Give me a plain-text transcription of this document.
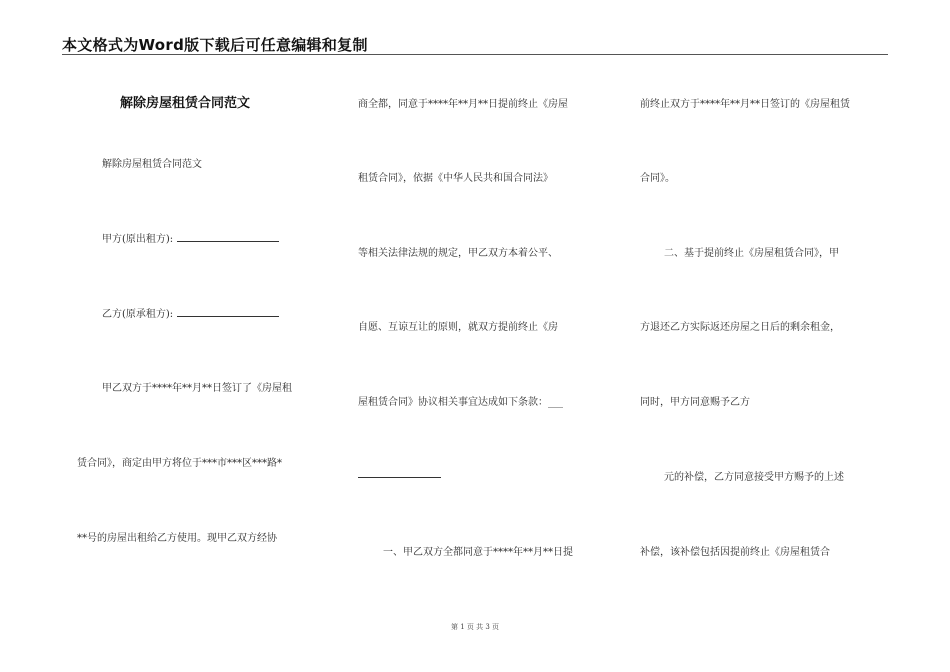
本文格式为Word版下载后可任意编辑和复制
解除房屋租赁合同范文
解除房屋租赁合同范文
甲方(原出租方):
乙方(原承租方):
甲乙双方于****年**月**日签订了《房屋租
赁合同》，商定由甲方将位于***市***区***路*
**号的房屋出租给乙方使用。现甲乙双方经协
商全都，同意于****年**月**日提前终止《房屋
租赁合同》，依据《中华人民共和国合同法》
等相关法律法规的规定，甲乙双方本着公平、
自愿、互谅互让的原则，就双方提前终止《房
屋租赁合同》协议相关事宜达成如下条款：___
一、甲乙双方全都同意于****年**月**日提
前终止双方于****年**月**日签订的《房屋租赁
合同》。
二、基于提前终止《房屋租赁合同》，甲
方退还乙方实际返还房屋之日后的剩余租金，
同时，甲方同意赐予乙方
元的补偿，乙方同意接受甲方赐予的上述
补偿，该补偿包括因提前终止《房屋租赁合
第 1 页 共 3 页
